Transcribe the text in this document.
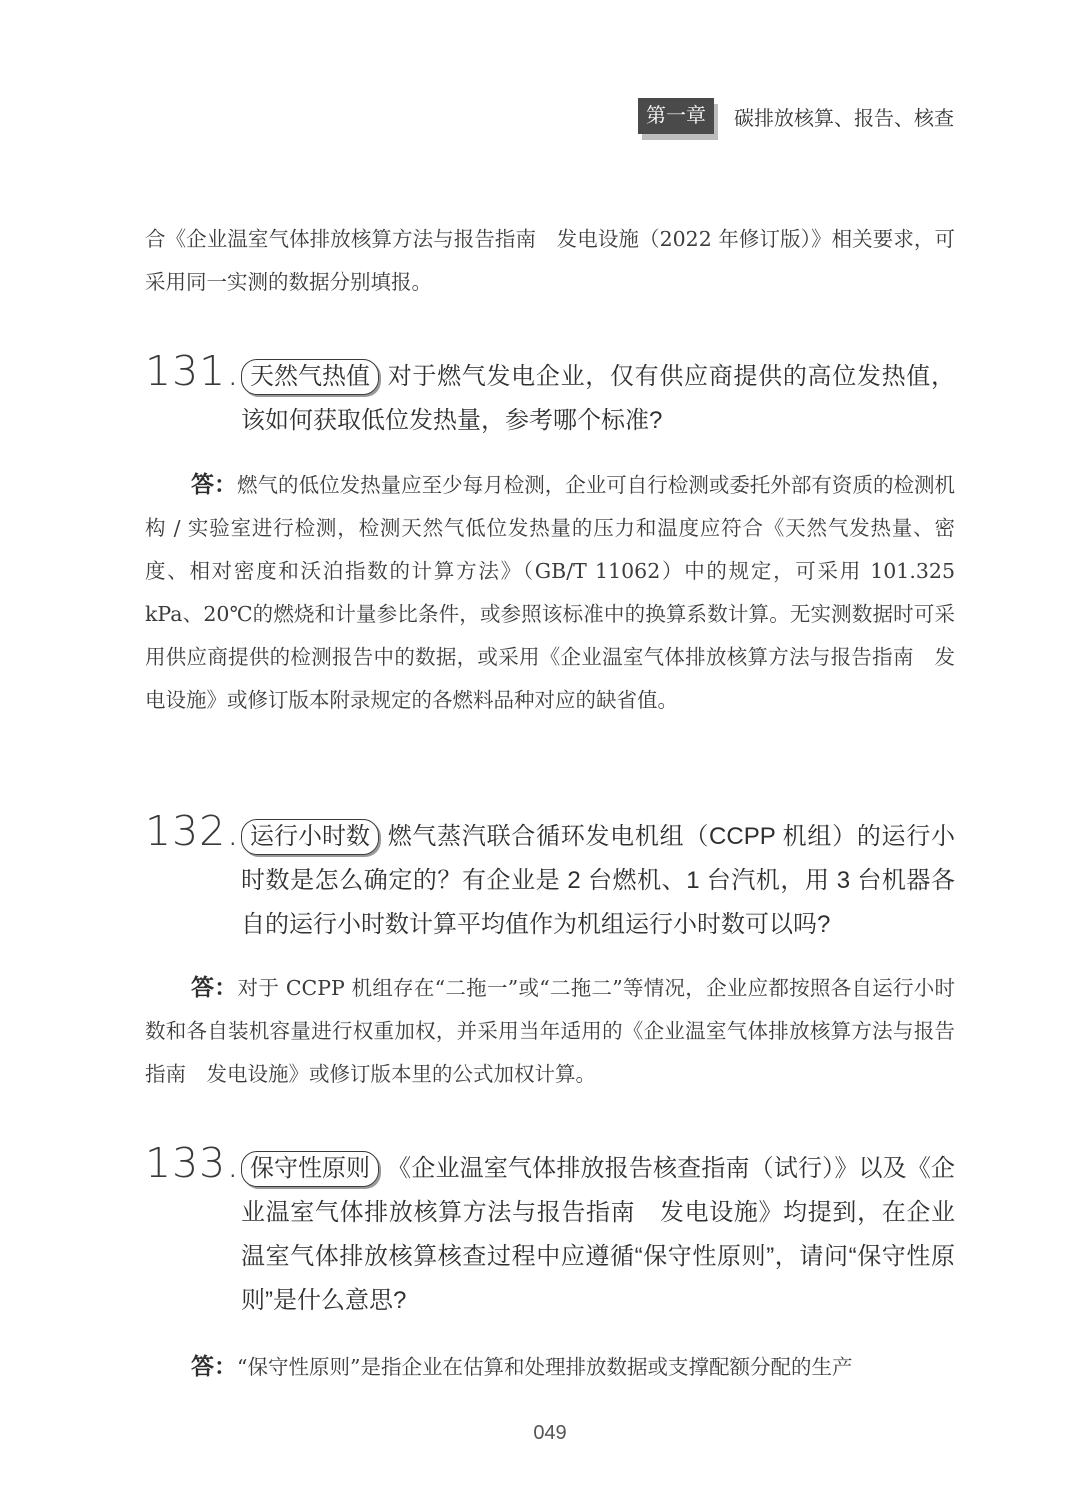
第一章	碳排放核算、报告、核查

合《企业温室气体排放核算方法与报告指南　发电设施（2022 年修订版）》相关要求，可采用同一实测的数据分别填报。

131. 天然气热值 对于燃气发电企业，仅有供应商提供的高位发热值，该如何获取低位发热量，参考哪个标准?

答：燃气的低位发热量应至少每月检测，企业可自行检测或委托外部有资质的检测机构 / 实验室进行检测，检测天然气低位发热量的压力和温度应符合《天然气发热量、密度、相对密度和沃泊指数的计算方法》（GB/T 11062）中的规定，可采用 101.325 kPa、20℃的燃烧和计量参比条件，或参照该标准中的换算系数计算。无实测数据时可采用供应商提供的检测报告中的数据，或采用《企业温室气体排放核算方法与报告指南　发电设施》或修订版本附录规定的各燃料品种对应的缺省值。

132. 运行小时数 燃气蒸汽联合循环发电机组（CCPP 机组）的运行小时数是怎么确定的？有企业是 2 台燃机、1 台汽机，用 3 台机器各自的运行小时数计算平均值作为机组运行小时数可以吗?

答：对于 CCPP 机组存在“二拖一”或“二拖二”等情况，企业应都按照各自运行小时数和各自装机容量进行权重加权，并采用当年适用的《企业温室气体排放核算方法与报告指南　发电设施》或修订版本里的公式加权计算。

133. 保守性原则 《企业温室气体排放报告核查指南（试行）》以及《企业温室气体排放核算方法与报告指南　发电设施》均提到，在企业温室气体排放核算核查过程中应遵循“保守性原则”，请问“保守性原则”是什么意思?

答：“保守性原则”是指企业在估算和处理排放数据或支撑配额分配的生产

049
